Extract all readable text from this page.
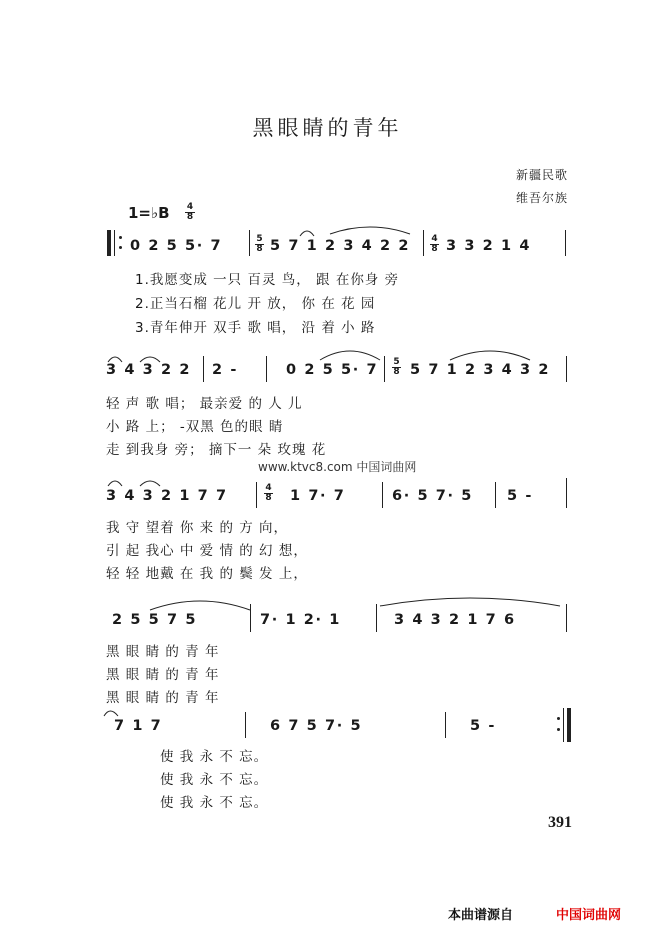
黑眼睛的青年
新疆民歌
维吾尔族
1=♭B 4
8
0 2 5 5· 7	5
8 5 7 1 2 3 4 2 2 4
8 3 3 2 1 4
1.我愿变成 一只 百灵 鸟， 跟 在你身 旁
2.正当石榴 花儿 开 放， 你 在 花 园
3.青年伸开 双手 歌 唱， 沿 着 小 路
3 4 3 2 2 2 -	0 2 5 5· 7 5
8 5 7 1 2 3 4 3 2
轻 声 歌 唱； 最亲爱 的 人 儿
小 路 上； -双黑 色的眼 睛
走 到我身 旁； 摘下一 朵 玫瑰 花
www.ktvc8.com 中国词曲网
3 4 3 2 1 7 7	4
8 1 7· 7	6· 5 7· 5 5 -
我 守 望着 你 来 的 方 向，
引 起 我心 中 爱 情 的 幻 想，
轻 轻 地戴 在 我 的 鬓 发 上，
2 5 5 7 5	7· 1 2· 1	3 4 3 2 1 7 6
黑 眼 睛 的 青 年
黑 眼 睛 的 青 年
黑 眼 睛 的 青 年
7 1 7	6 7 5 7· 5	5 -
使 我 永 不 忘。
使 我 永 不 忘。
使 我 永 不 忘。
391
本曲谱源自	中国词曲网
